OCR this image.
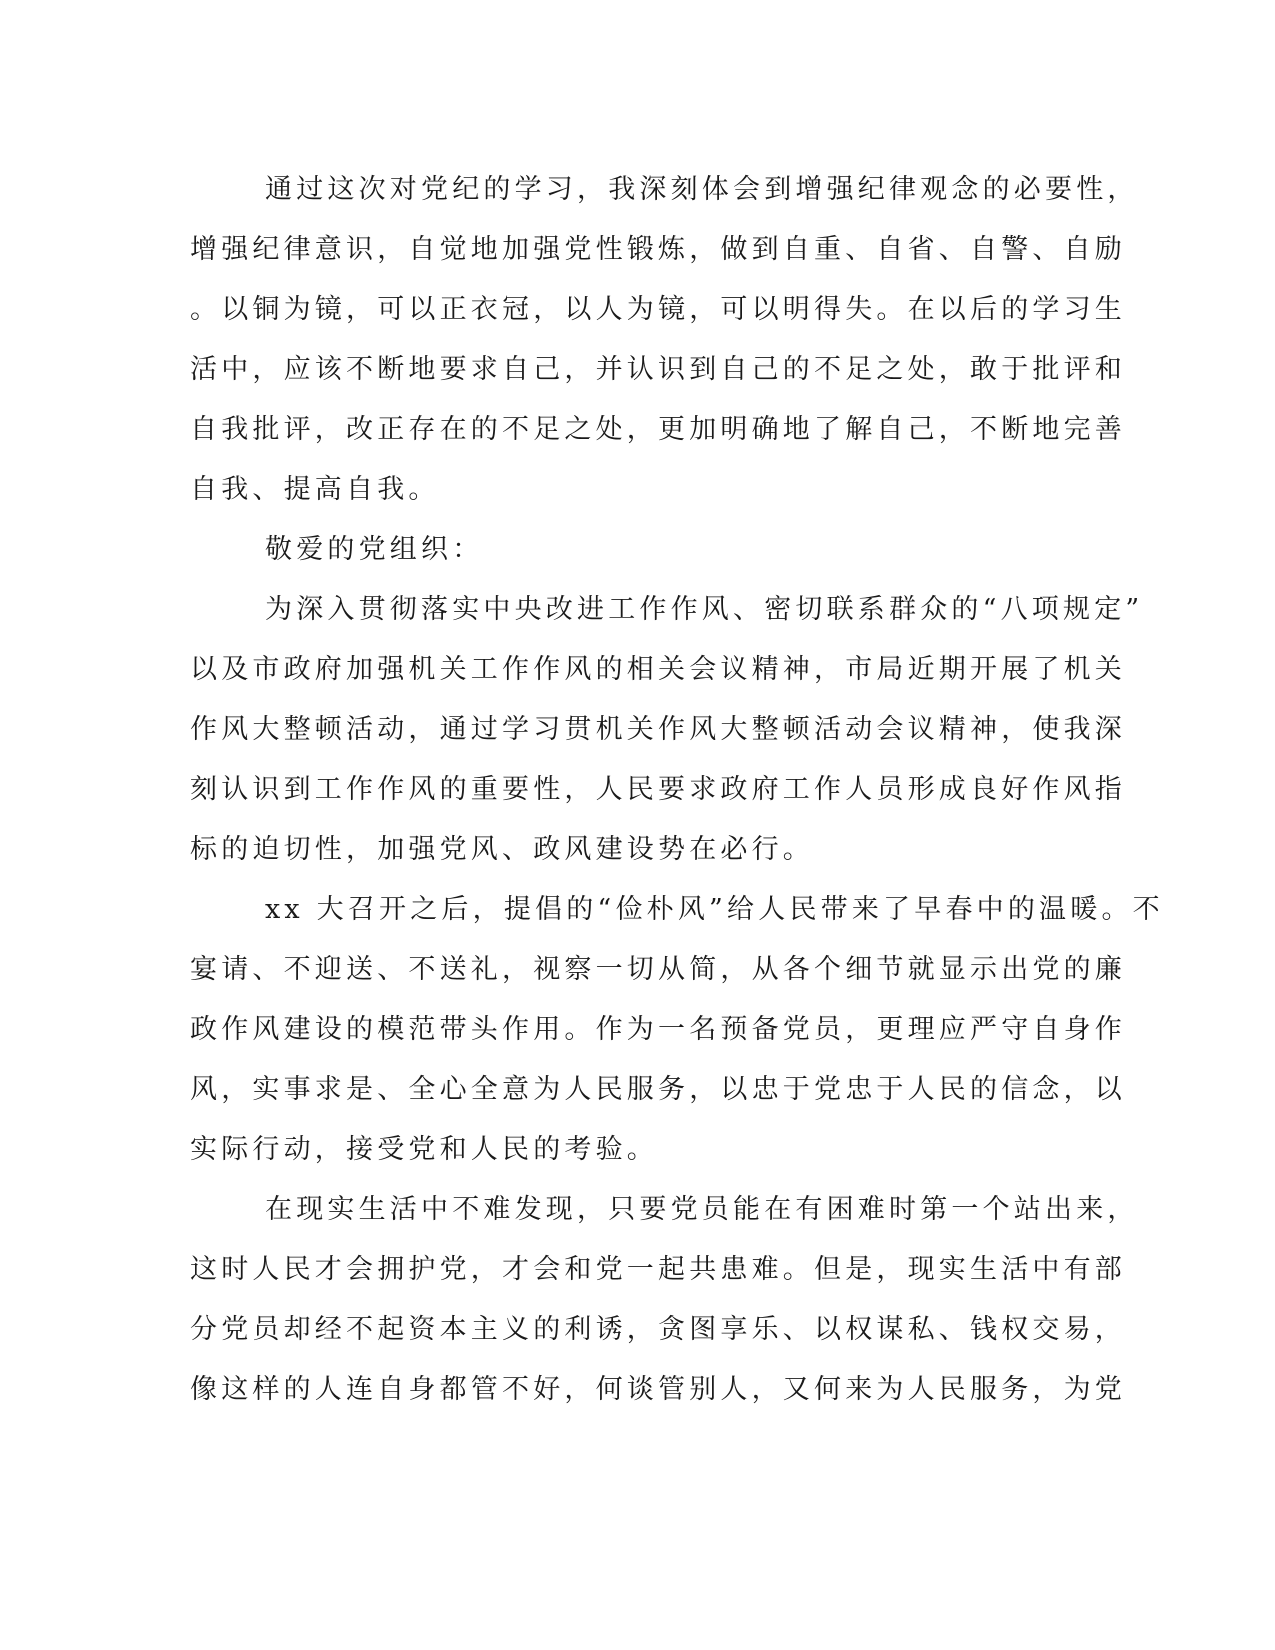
通过这次对党纪的学习，我深刻体会到增强纪律观念的必要性，
增强纪律意识，自觉地加强党性锻炼，做到自重、自省、自警、自励
。以铜为镜，可以正衣冠，以人为镜，可以明得失。在以后的学习生
活中，应该不断地要求自己，并认识到自己的不足之处，敢于批评和
自我批评，改正存在的不足之处，更加明确地了解自己，不断地完善
自我、提高自我。
敬爱的党组织：
为深入贯彻落实中央改进工作作风、密切联系群众的“八项规定”
以及市政府加强机关工作作风的相关会议精神，市局近期开展了机关
作风大整顿活动，通过学习贯机关作风大整顿活动会议精神，使我深
刻认识到工作作风的重要性，人民要求政府工作人员形成良好作风指
标的迫切性，加强党风、政风建设势在必行。
xx 大召开之后，提倡的“俭朴风”给人民带来了早春中的温暖。不
宴请、不迎送、不送礼，视察一切从简，从各个细节就显示出党的廉
政作风建设的模范带头作用。作为一名预备党员，更理应严守自身作
风，实事求是、全心全意为人民服务，以忠于党忠于人民的信念，以
实际行动，接受党和人民的考验。
在现实生活中不难发现，只要党员能在有困难时第一个站出来，
这时人民才会拥护党，才会和党一起共患难。但是，现实生活中有部
分党员却经不起资本主义的利诱，贪图享乐、以权谋私、钱权交易，
像这样的人连自身都管不好，何谈管别人，又何来为人民服务，为党
